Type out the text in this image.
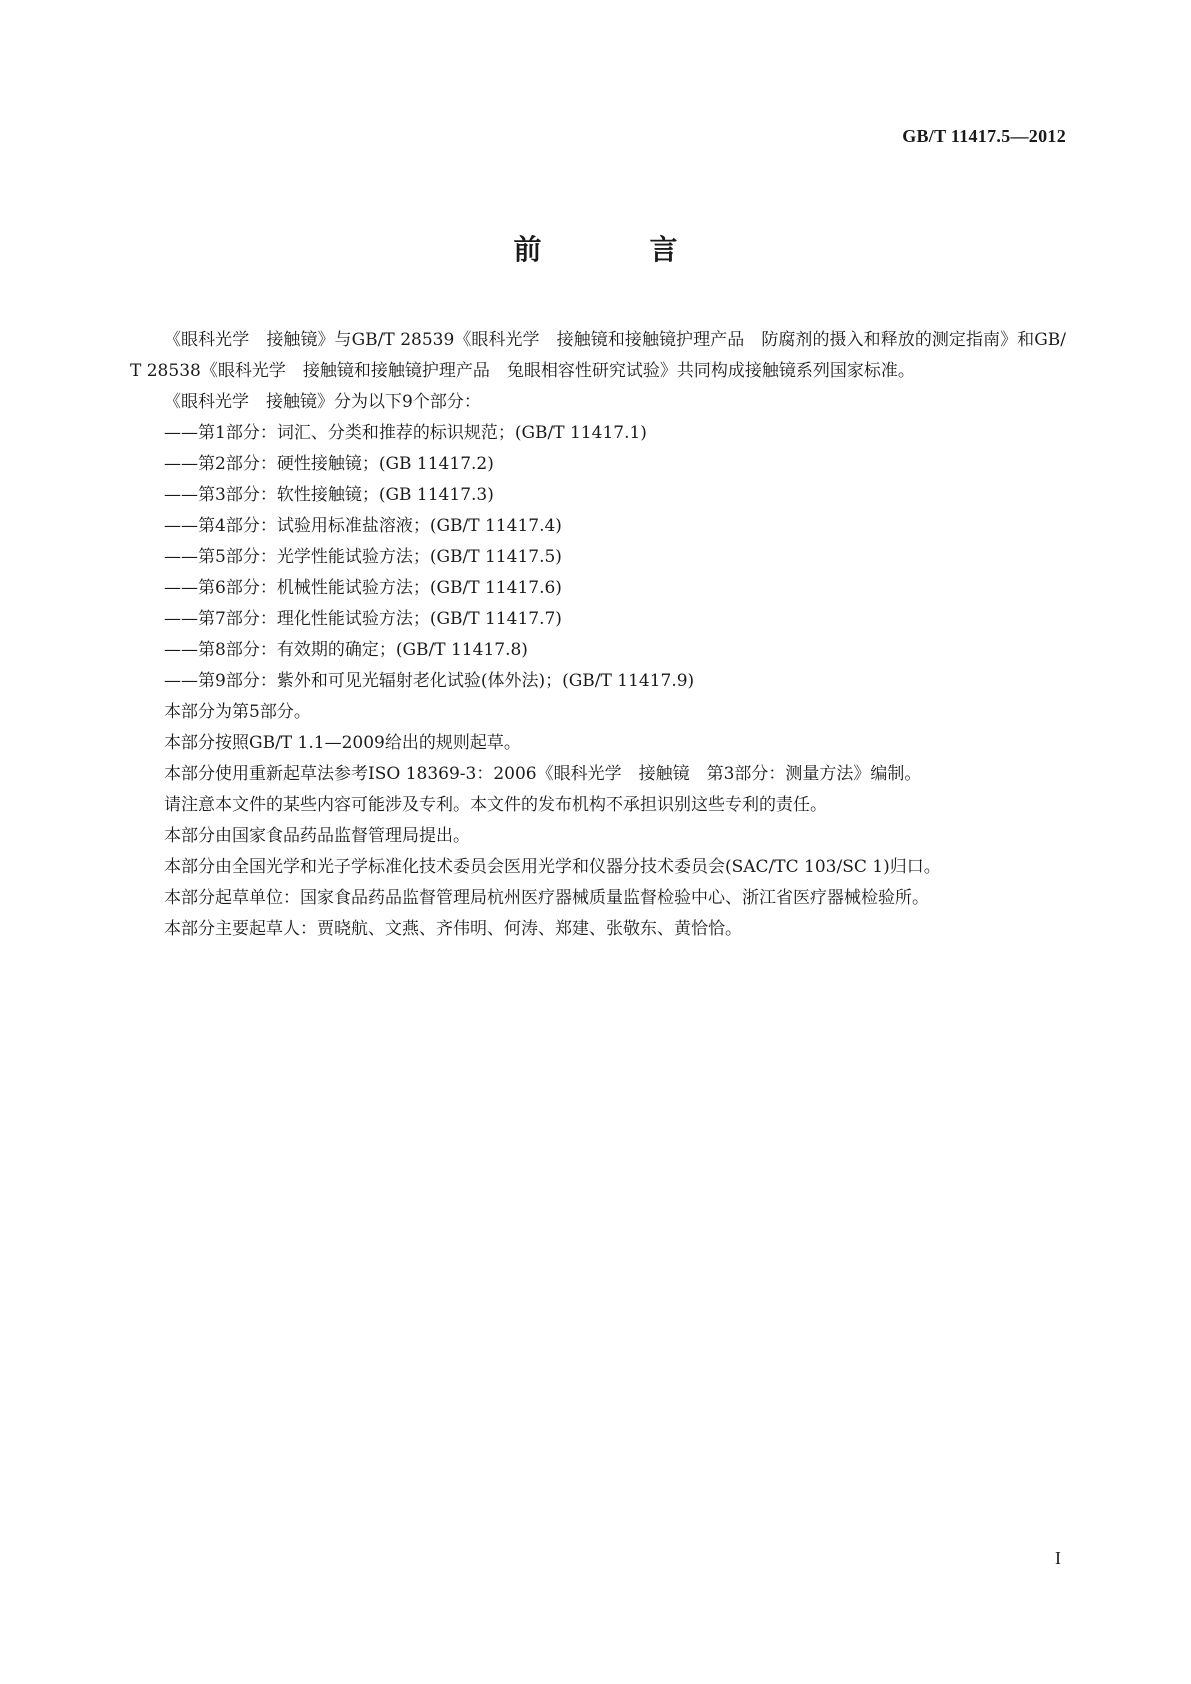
GB/T 11417.5—2012
前　言

《眼科光学　接触镜》与GB/T 28539《眼科光学　接触镜和接触镜护理产品　防腐剂的摄入和释放的测定指南》和GB/T 28538《眼科光学　接触镜和接触镜护理产品　兔眼相容性研究试验》共同构成接触镜系列国家标准。

《眼科光学　接触镜》分为以下9个部分：

——第1部分：词汇、分类和推荐的标识规范；(GB/T 11417.1)

——第2部分：硬性接触镜；(GB 11417.2)

——第3部分：软性接触镜；(GB 11417.3)

——第4部分：试验用标准盐溶液；(GB/T 11417.4)

——第5部分：光学性能试验方法；(GB/T 11417.5)

——第6部分：机械性能试验方法；(GB/T 11417.6)

——第7部分：理化性能试验方法；(GB/T 11417.7)

——第8部分：有效期的确定；(GB/T 11417.8)

——第9部分：紫外和可见光辐射老化试验(体外法)；(GB/T 11417.9)

本部分为第5部分。

本部分按照GB/T 1.1—2009给出的规则起草。

本部分使用重新起草法参考ISO 18369-3：2006《眼科光学　接触镜　第3部分：测量方法》编制。

请注意本文件的某些内容可能涉及专利。本文件的发布机构不承担识别这些专利的责任。

本部分由国家食品药品监督管理局提出。

本部分由全国光学和光子学标准化技术委员会医用光学和仪器分技术委员会(SAC/TC 103/SC 1)归口。

本部分起草单位：国家食品药品监督管理局杭州医疗器械质量监督检验中心、浙江省医疗器械检验所。

本部分主要起草人：贾晓航、文燕、齐伟明、何涛、郑建、张敬东、黄恰恰。

I
